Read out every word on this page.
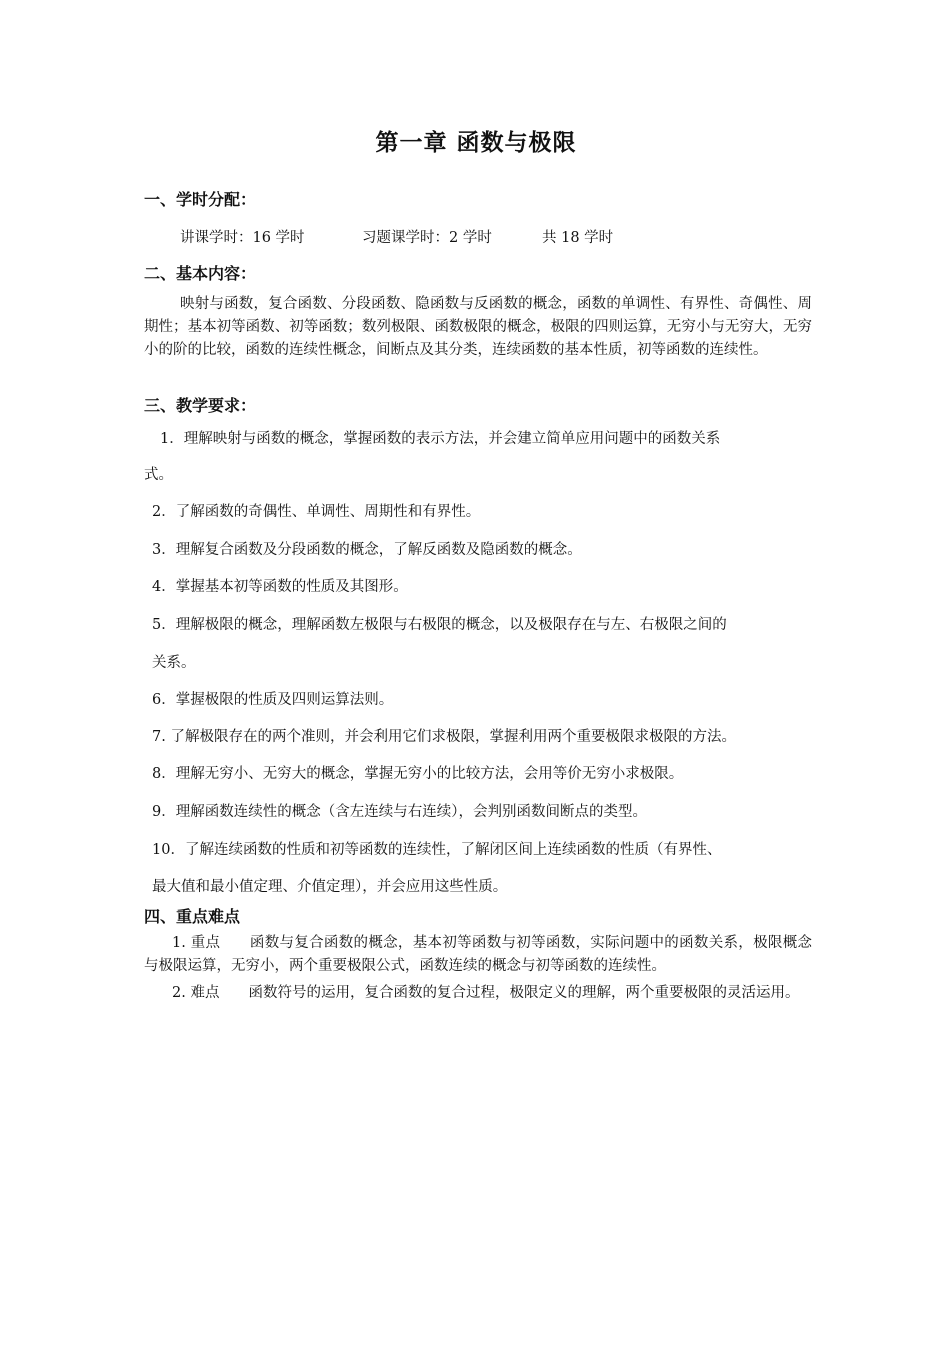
第一章 函数与极限
一、学时分配：
讲课学时：16 学时	习题课学时：2 学时	共 18 学时
二、基本内容：
映射与函数，复合函数、分段函数、隐函数与反函数的概念，函数的单调性、有界性、奇偶性、周期性；基本初等函数、初等函数；数列极限、函数极限的概念，极限的四则运算，无穷小与无穷大，无穷小的阶的比较，函数的连续性概念，间断点及其分类，连续函数的基本性质，初等函数的连续性。
三、教学要求：
1．理解映射与函数的概念，掌握函数的表示方法，并会建立简单应用问题中的函数关系
式。
2．了解函数的奇偶性、单调性、周期性和有界性。
3．理解复合函数及分段函数的概念，了解反函数及隐函数的概念。
4．掌握基本初等函数的性质及其图形。
5．理解极限的概念，理解函数左极限与右极限的概念，以及极限存在与左、右极限之间的
关系。
6．掌握极限的性质及四则运算法则。
7. 了解极限存在的两个准则，并会利用它们求极限，掌握利用两个重要极限求极限的方法。
8．理解无穷小、无穷大的概念，掌握无穷小的比较方法，会用等价无穷小求极限。
9．理解函数连续性的概念（含左连续与右连续），会判别函数间断点的类型。
10．了解连续函数的性质和初等函数的连续性，了解闭区间上连续函数的性质（有界性、
最大值和最小值定理、介值定理），并会应用这些性质。
四、重点难点
1. 重点　　函数与复合函数的概念，基本初等函数与初等函数，实际问题中的函数关系，极限概念与极限运算，无穷小，两个重要极限公式，函数连续的概念与初等函数的连续性。
2. 难点　　函数符号的运用，复合函数的复合过程，极限定义的理解，两个重要极限的灵活运用。
